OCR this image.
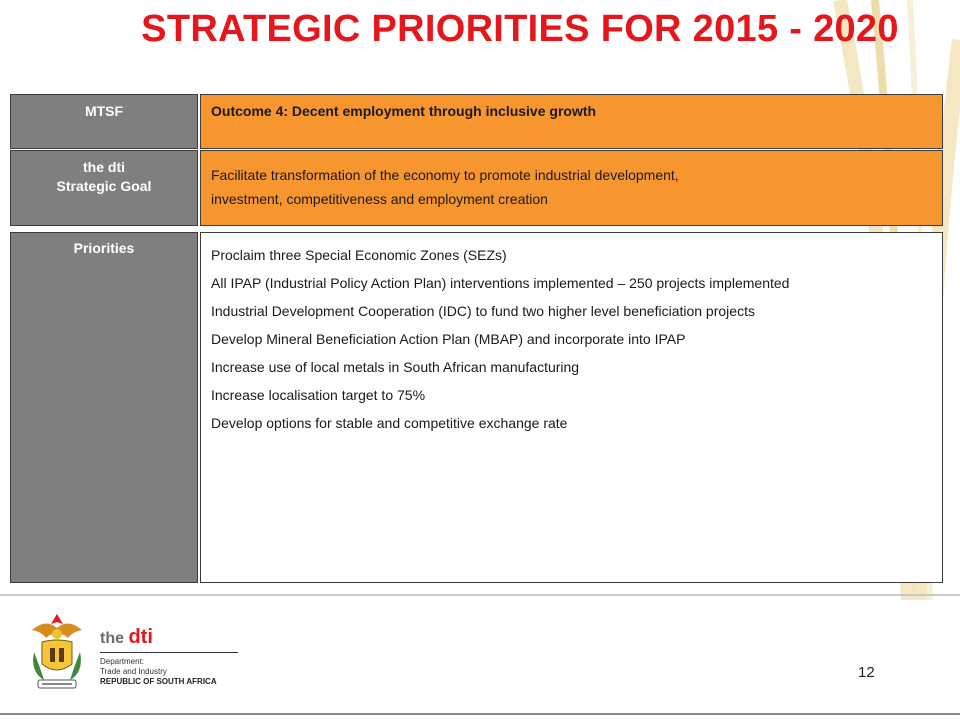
STRATEGIC PRIORITIES FOR 2015 - 2020
MTSF	Outcome 4: Decent employment through inclusive growth
the dti
Strategic Goal
Facilitate transformation of the economy to promote industrial development,
investment, competitiveness and employment creation
Priorities	Proclaim three Special Economic Zones (SEZs)
All IPAP (Industrial Policy Action Plan) interventions implemented – 250 projects implemented
Industrial Development Cooperation (IDC) to fund two higher level beneficiation projects
Develop Mineral Beneficiation Action Plan (MBAP) and incorporate into IPAP
Increase use of local metals in South African manufacturing
Increase localisation target to 75%
Develop options for stable and competitive exchange rate
the dti
Department:
Trade and Industry
REPUBLIC OF SOUTH AFRICA
12
